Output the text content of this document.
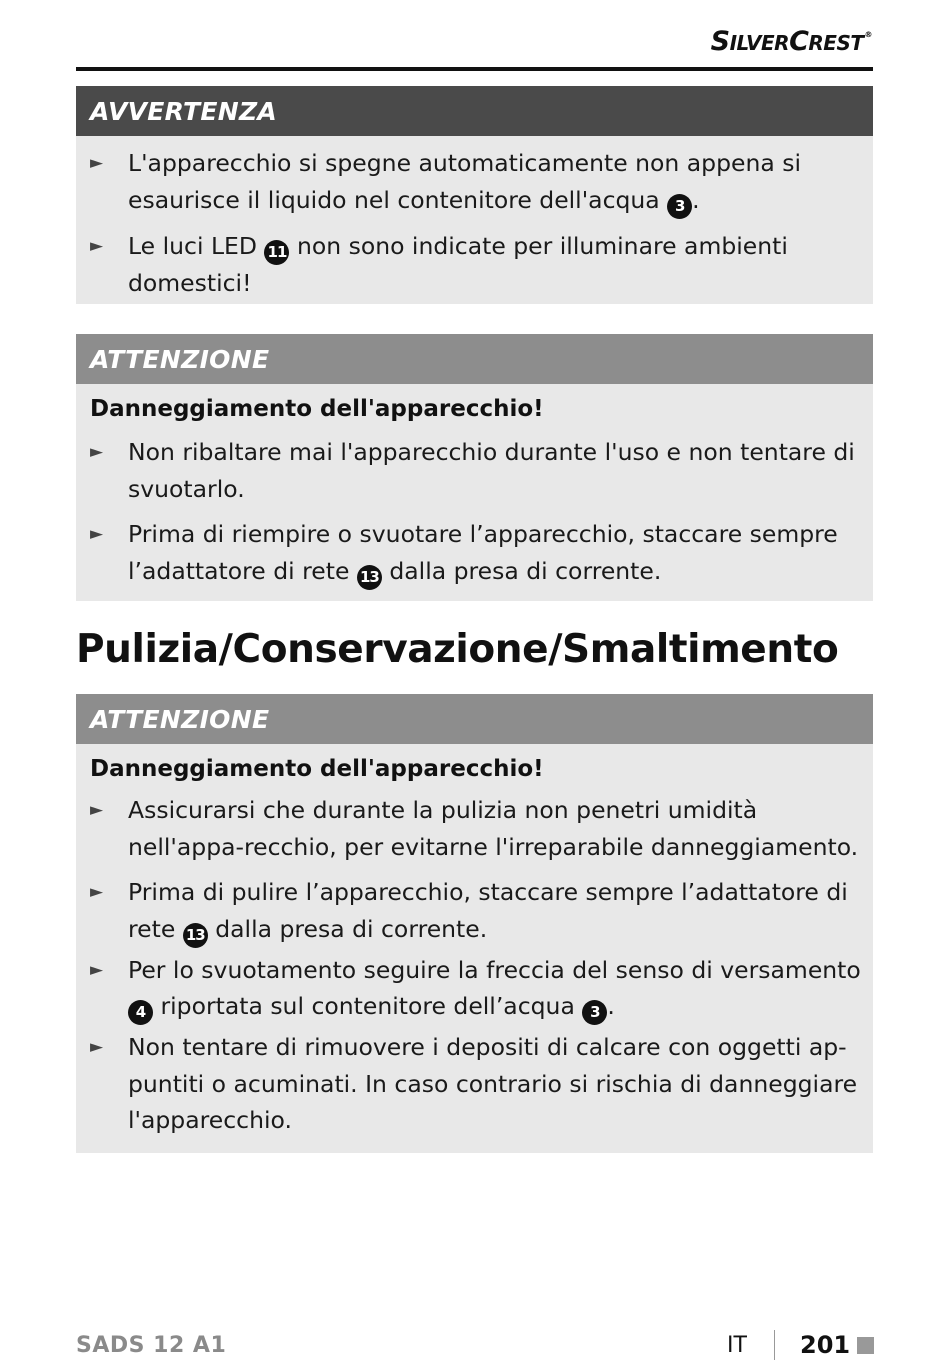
SILVERCREST®
AVVERTENZA
► L'apparecchio si spegne automaticamente non appena si esaurisce il liquido nel contenitore dell'acqua 3 .
► Le luci LED 11 non sono indicate per illuminare ambienti domestici!
ATTENZIONE
Danneggiamento dell'apparecchio!
► Non ribaltare mai l'apparecchio durante l'uso e non tentare di svuotarlo.
► Prima di riempire o svuotare l’apparecchio, staccare sempre l’adattatore di rete 13 dalla presa di corrente.
Pulizia/Conservazione/Smaltimento
ATTENZIONE
Danneggiamento dell'apparecchio!
► Assicurarsi che durante la pulizia non penetri umidità nell'appa-recchio, per evitarne l'irreparabile danneggiamento.
► Prima di pulire l’apparecchio, staccare sempre l’adattatore di rete 13 dalla presa di corrente.
► Per lo svuotamento seguire la freccia del senso di versamento 4 riportata sul contenitore dell’acqua 3 .
► Non tentare di rimuovere i depositi di calcare con oggetti ap-puntiti o acuminati. In caso contrario si rischia di danneggiare l'apparecchio.
SADS 12 A1	IT 201
